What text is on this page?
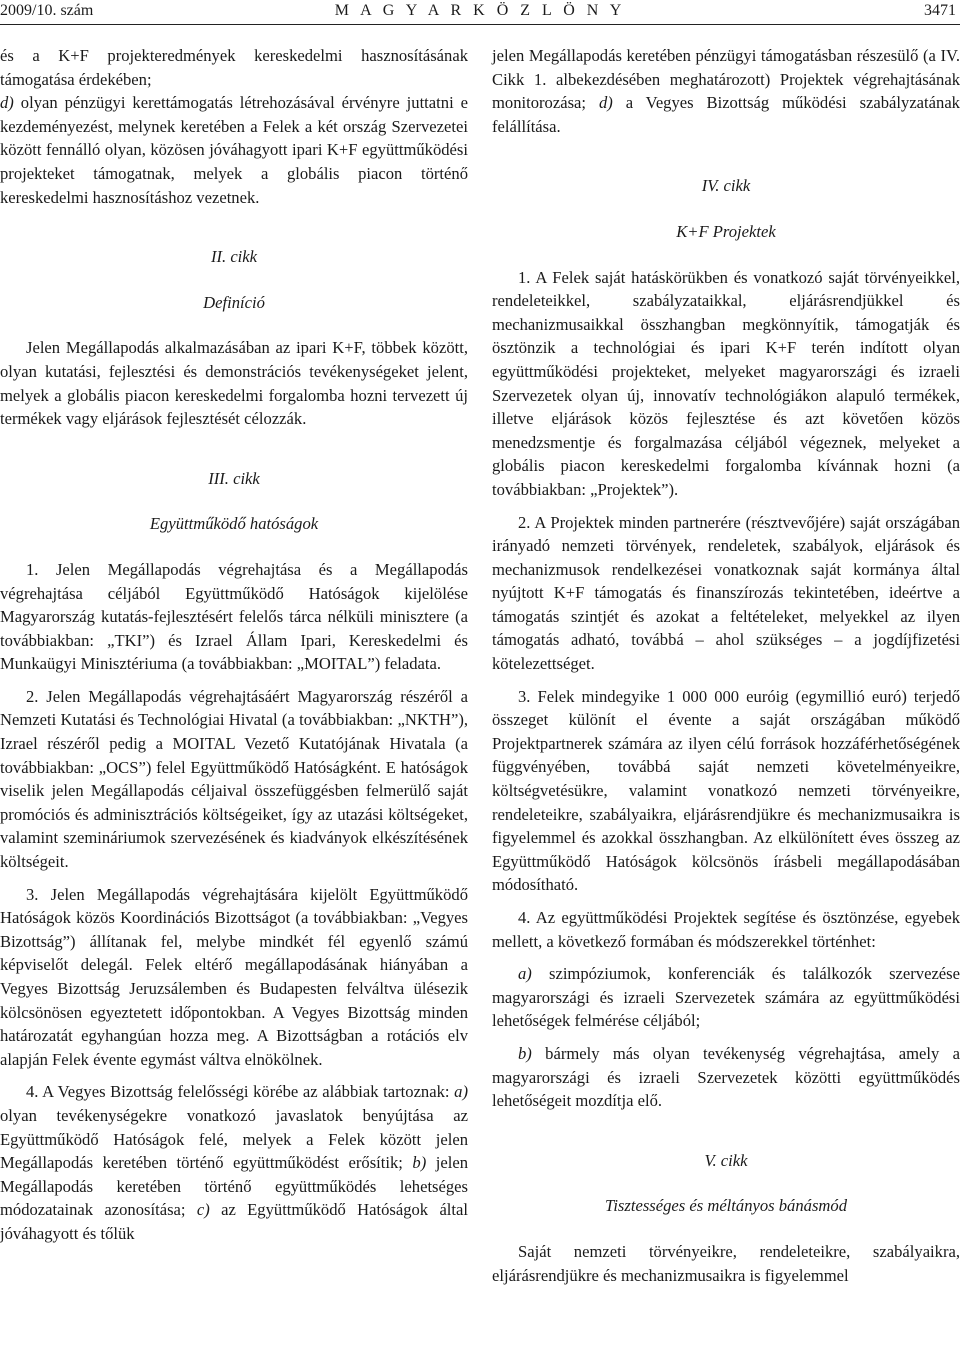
2009/10. szám	M A G Y A R K Ö Z L Ö N Y	3471

és a K+F projekteredmények kereskedelmi hasznosításának támogatása érdekében;

d) olyan pénzügyi kerettámogatás létrehozásával érvényre juttatni e kezdeményezést, melynek keretében a Felek a két ország Szervezetei között fennálló olyan, közösen jóváhagyott ipari K+F együttműködési projekteket támogatnak, melyek a globális piacon történő kereskedelmi hasznosításhoz vezetnek.

II. cikk

Definíció

Jelen Megállapodás alkalmazásában az ipari K+F, többek között, olyan kutatási, fejlesztési és demonstrációs tevékenységeket jelent, melyek a globális piacon kereskedelmi forgalomba hozni tervezett új termékek vagy eljárások fejlesztését célozzák.

III. cikk

Együttműködő hatóságok

1. Jelen Megállapodás végrehajtása és a Megállapodás végrehajtása céljából Együttműködő Hatóságok kijelölése Magyarország kutatás-fejlesztésért felelős tárca nélküli minisztere (a továbbiakban: „TKI”) és Izrael Állam Ipari, Kereskedelmi és Munkaügyi Minisztériuma (a továbbiakban: „MOITAL”) feladata.

2. Jelen Megállapodás végrehajtásáért Magyarország részéről a Nemzeti Kutatási és Technológiai Hivatal (a továbbiakban: „NKTH”), Izrael részéről pedig a MOITAL Vezető Kutatójának Hivatala (a továbbiakban: „OCS”) felel Együttműködő Hatóságként. E hatóságok viselik jelen Megállapodás céljaival összefüggésben felmerülő saját promóciós és adminisztrációs költségeiket, így az utazási költségeket, valamint szemináriumok szervezésének és kiadványok elkészítésének költségeit.

3. Jelen Megállapodás végrehajtására kijelölt Együttműködő Hatóságok közös Koordinációs Bizottságot (a továbbiakban: „Vegyes Bizottság”) állítanak fel, melybe mindkét fél egyenlő számú képviselőt delegál. Felek eltérő megállapodásának hiányában a Vegyes Bizottság Jeruzsálemben és Budapesten felváltva ülésezik kölcsönösen egyeztetett időpontokban. A Vegyes Bizottság minden határozatát egyhangúan hozza meg. A Bizottságban a rotációs elv alapján Felek évente egymást váltva elnökölnek.

4. A Vegyes Bizottság felelősségi körébe az alábbiak tartoznak: a) olyan tevékenységekre vonatkozó javaslatok benyújtása az Együttműködő Hatóságok felé, melyek a Felek között jelen Megállapodás keretében történő együttműködést erősítik; b) jelen Megállapodás keretében történő együttműködés lehetséges módozatainak azonosítása; c) az Együttműködő Hatóságok által jóváhagyott és tőlük

jelen Megállapodás keretében pénzügyi támogatásban részesülő (a IV. Cikk 1. albekezdésében meghatározott) Projektek végrehajtásának monitorozása; d) a Vegyes Bizottság működési szabályzatának felállítása.

IV. cikk

K+F Projektek

1. A Felek saját hatáskörükben és vonatkozó saját törvényeikkel, rendeleteikkel, szabályzataikkal, eljárásrendjükkel és mechanizmusaikkal összhangban megkönnyítik, támogatják és ösztönzik a technológiai és ipari K+F terén indított olyan együttműködési projekteket, melyeket magyarországi és izraeli Szervezetek olyan új, innovatív technológiákon alapuló termékek, illetve eljárások közös fejlesztése és azt követően közös menedzsmentje és forgalmazása céljából végeznek, melyeket a globális piacon kereskedelmi forgalomba kívánnak hozni (a továbbiakban: „Projektek”).

2. A Projektek minden partnerére (résztvevőjére) saját országában irányadó nemzeti törvények, rendeletek, szabályok, eljárások és mechanizmusok rendelkezései vonatkoznak saját kormánya által nyújtott K+F támogatás és finanszírozás tekintetében, ideértve a támogatás szintjét és azokat a feltételeket, melyekkel az ilyen támogatás adható, továbbá – ahol szükséges – a jogdíjfizetési kötelezettséget.

3. Felek mindegyike 1 000 000 euróig (egymillió euró) terjedő összeget különít el évente a saját országában működő Projektpartnerek számára az ilyen célú források hozzáférhetőségének függvényében, továbbá saját nemzeti követelményeikre, költségvetésükre, valamint vonatkozó nemzeti törvényeikre, rendeleteikre, szabályaikra, eljárásrendjükre és mechanizmusaikra is figyelemmel és azokkal összhangban. Az elkülönített éves összeg az Együttműködő Hatóságok kölcsönös írásbeli megállapodásában módosítható.

4. Az együttműködési Projektek segítése és ösztönzése, egyebek mellett, a következő formában és módszerekkel történhet:

a) szimpóziumok, konferenciák és találkozók szervezése magyarországi és izraeli Szervezetek számára az együttműködési lehetőségek felmérése céljából;

b) bármely más olyan tevékenység végrehajtása, amely a magyarországi és izraeli Szervezetek közötti együttműködés lehetőségeit mozdítja elő.

V. cikk

Tisztességes és méltányos bánásmód

Saját nemzeti törvényeikre, rendeleteikre, szabályaikra, eljárásrendjükre és mechanizmusaikra is figyelemmel
